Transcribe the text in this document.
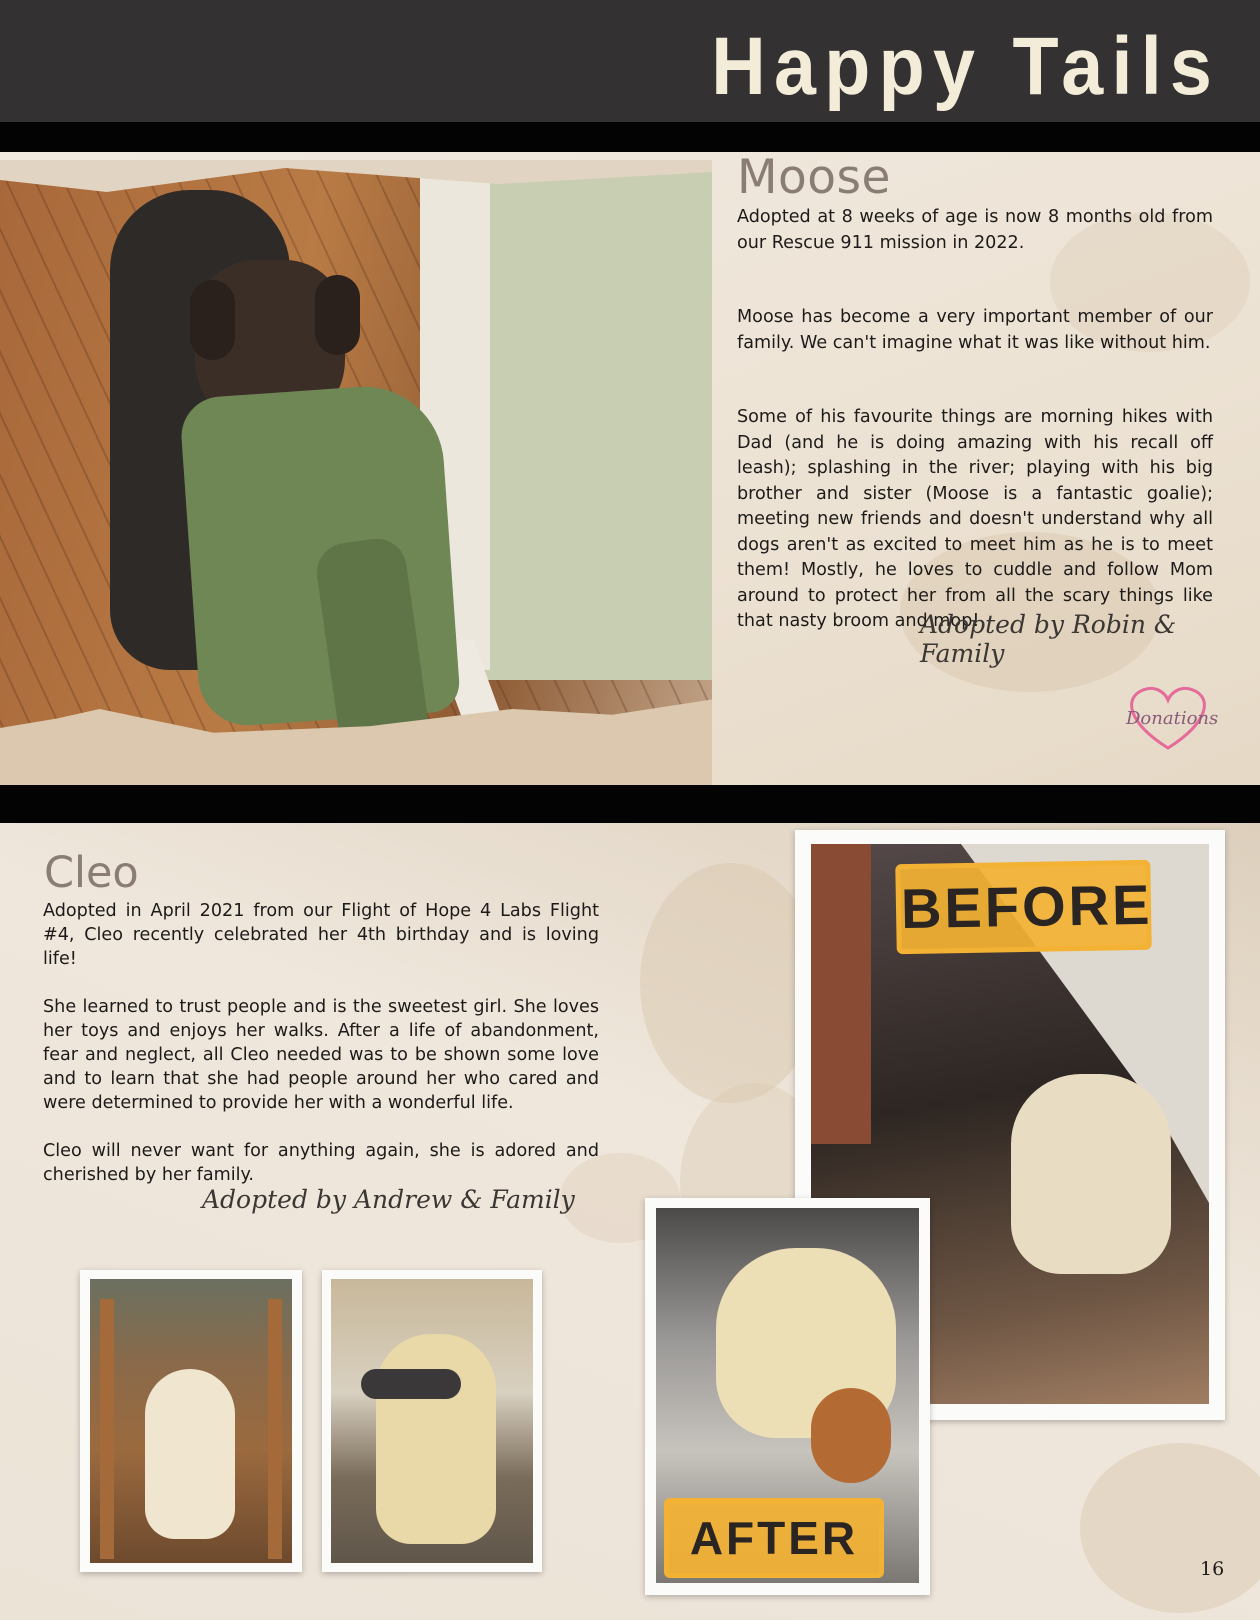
Happy Tails
Moose

Adopted at 8 weeks of age is now 8 months old from our Rescue 911 mission in 2022.

Moose has become a very important member of our family. We can't imagine what it was like without him.

Some of his favourite things are morning hikes with Dad (and he is doing amazing with his recall off leash); splashing in the river; playing with his big brother and sister (Moose is a fantastic goalie); meeting new friends and doesn't understand why all dogs aren't as excited to meet him as he is to meet them! Mostly, he loves to cuddle and follow Mom around to protect her from all the scary things like that nasty broom and mop!

Adopted by Robin & Family
Donations
Cleo

Adopted in April 2021 from our Flight of Hope 4 Labs Flight #4, Cleo recently celebrated her 4th birthday and is loving life!

She learned to trust people and is the sweetest girl. She loves her toys and enjoys her walks. After a life of abandonment, fear and neglect, all Cleo needed was to be shown some love and to learn that she had people around her who cared and were determined to provide her with a wonderful life.

Cleo will never want for anything again, she is adored and cherished by her family.

Adopted by Andrew & Family
BEFORE
AFTER
16
